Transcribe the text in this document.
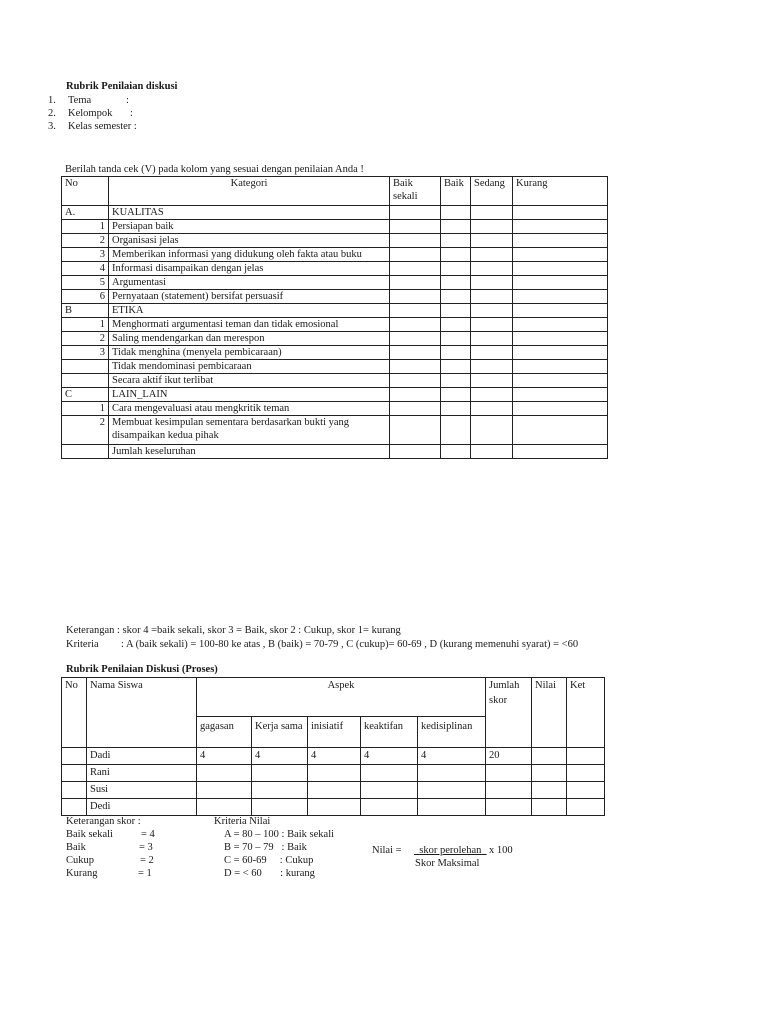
Rubrik Penilaian diskusi
1. Tema	:
2. Kelompok :
3. Kelas semester :
Berilah tanda cek (V) pada kolom yang sesuai dengan penilaian Anda !
No	Kategori	Baik sekali	Baik	Sedang	Kurang
A.	KUALITAS				

1	Persiapan baik				

2	Organisasi jelas				

3	Memberikan informasi yang didukung oleh fakta atau buku				

4	Informasi disampaikan dengan jelas				

5	Argumentasi				

6	Pernyataan (statement) bersifat persuasif				
B	ETIKA				

1	Menghormati argumentasi teman dan tidak emosional				

2	Saling mendengarkan dan merespon				

3	Tidak menghina (menyela pembicaraan)				

	Tidak mendominasi pembicaraan				

	Secara aktif ikut terlibat				
C	LAIN_LAIN				

1	Cara mengevaluasi atau mengkritik teman				

2	Membuat kesimpulan sementara berdasarkan bukti yang disampaikan kedua pihak				

	Jumlah keseluruhan				
Keterangan : skor 4 =baik sekali, skor 3 = Baik, skor 2 : Cukup, skor 1= kurang
Kriteria : A (baik sekali) = 100-80 ke atas , B (baik) = 70-79 , C (cukup)= 60-69 , D (kurang memenuhi syarat) = <60
Rubrik Penilaian Diskusi (Proses)
No	Nama Siswa	Aspek					Jumlah skor	Nilai	Ket
		gagasan	Kerja sama	inisiatif	keaktifan	kedisiplinan			
	Dadi	4	4	4	4	4	20		
	Rani								
	Susi								
	Dedi								
Keterangan skor :
Baik sekali	= 4
Baik	= 3
Cukup	= 2
Kurang	= 1
Kriteria Nilai
A = 80 – 100 : Baik sekali
B = 70 – 79   : Baik
C = 60-69     : Cukup
D = < 60       : kurang
Nilai =	skor perolehan x 100
Skor Maksimal
